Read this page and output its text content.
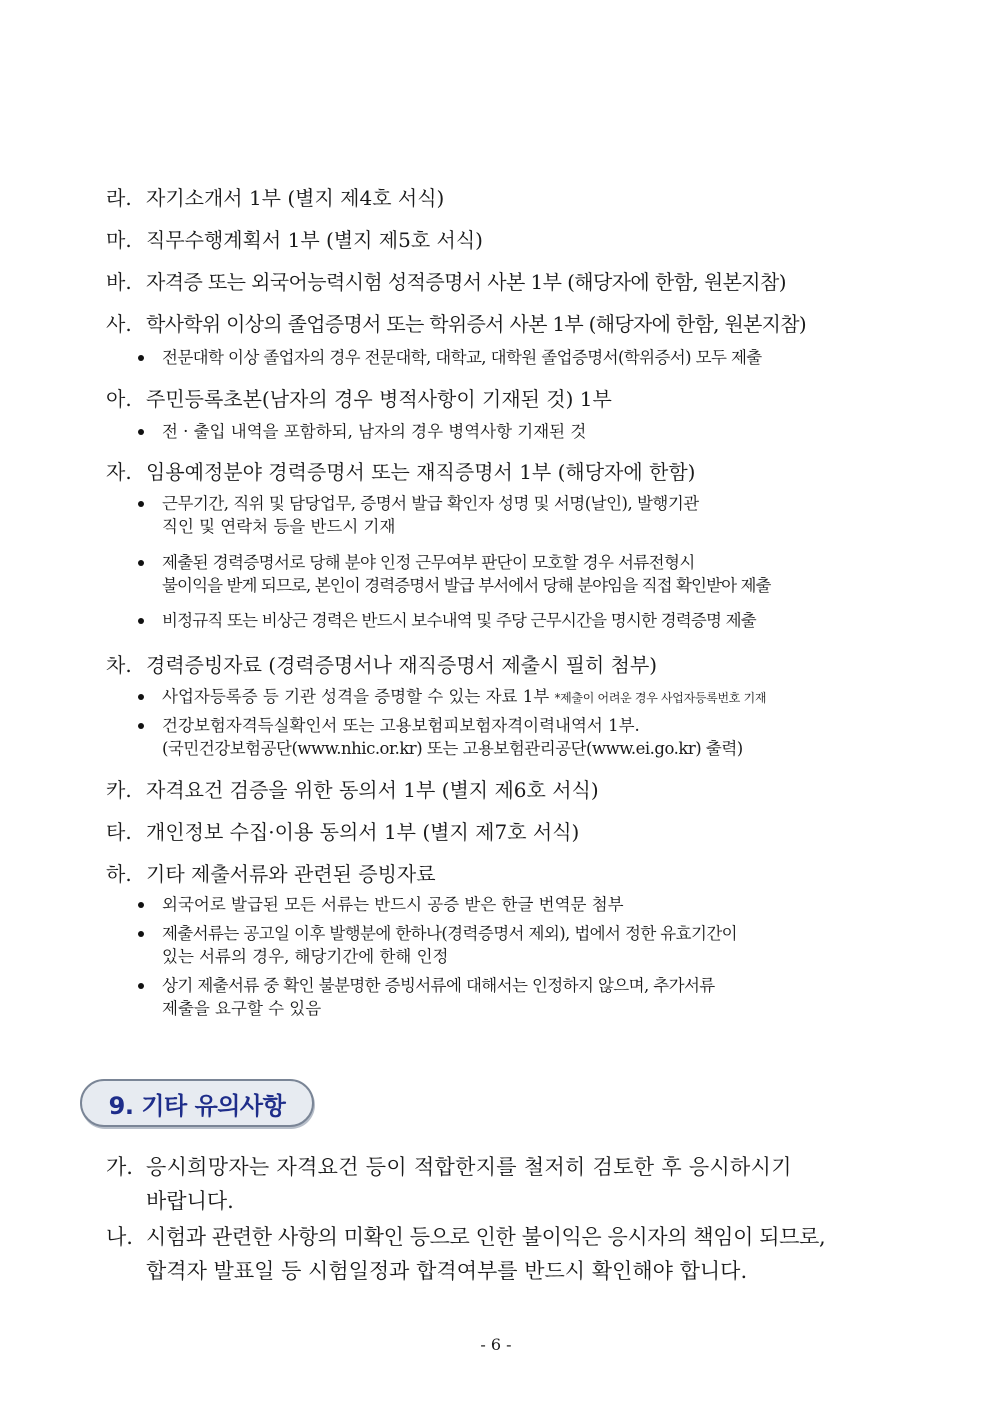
라. 자기소개서 1부 (별지 제4호 서식)
마. 직무수행계획서 1부 (별지 제5호 서식)
바. 자격증 또는 외국어능력시험 성적증명서 사본 1부 (해당자에 한함, 원본지참)
사. 학사학위 이상의 졸업증명서 또는 학위증서 사본 1부 (해당자에 한함, 원본지참)
전문대학 이상 졸업자의 경우 전문대학, 대학교, 대학원 졸업증명서(학위증서) 모두 제출
아. 주민등록초본(남자의 경우 병적사항이 기재된 것) 1부
전 · 출입 내역을 포함하되, 남자의 경우 병역사항 기재된 것
자. 임용예정분야 경력증명서 또는 재직증명서 1부 (해당자에 한함)
근무기간, 직위 및 담당업무, 증명서 발급 확인자 성명 및 서명(날인), 발행기관
직인 및 연락처 등을 반드시 기재
제출된 경력증명서로 당해 분야 인정 근무여부 판단이 모호할 경우 서류전형시
불이익을 받게 되므로, 본인이 경력증명서 발급 부서에서 당해 분야임을 직접 확인받아 제출
비정규직 또는 비상근 경력은 반드시 보수내역 및 주당 근무시간을 명시한 경력증명 제출
차. 경력증빙자료 (경력증명서나 재직증명서 제출시 필히 첨부)
사업자등록증 등 기관 성격을 증명할 수 있는 자료 1부 *제출이 어려운 경우 사업자등록번호 기재
건강보험자격득실확인서 또는 고용보험피보험자격이력내역서 1부.
(국민건강보험공단(www.nhic.or.kr) 또는 고용보험관리공단(www.ei.go.kr) 출력)
카. 자격요건 검증을 위한 동의서 1부 (별지 제6호 서식)
타. 개인정보 수집·이용 동의서 1부 (별지 제7호 서식)
하. 기타 제출서류와 관련된 증빙자료
외국어로 발급된 모든 서류는 반드시 공증 받은 한글 번역문 첨부
제출서류는 공고일 이후 발행분에 한하나(경력증명서 제외), 법에서 정한 유효기간이
있는 서류의 경우, 해당기간에 한해 인정
상기 제출서류 중 확인 불분명한 증빙서류에 대해서는 인정하지 않으며, 추가서류
제출을 요구할 수 있음
9. 기타 유의사항
가. 응시희망자는 자격요건 등이 적합한지를 철저히 검토한 후 응시하시기
바랍니다.
나. 시험과 관련한 사항의 미확인 등으로 인한 불이익은 응시자의 책임이 되므로,
합격자 발표일 등 시험일정과 합격여부를 반드시 확인해야 합니다.
- 6 -
